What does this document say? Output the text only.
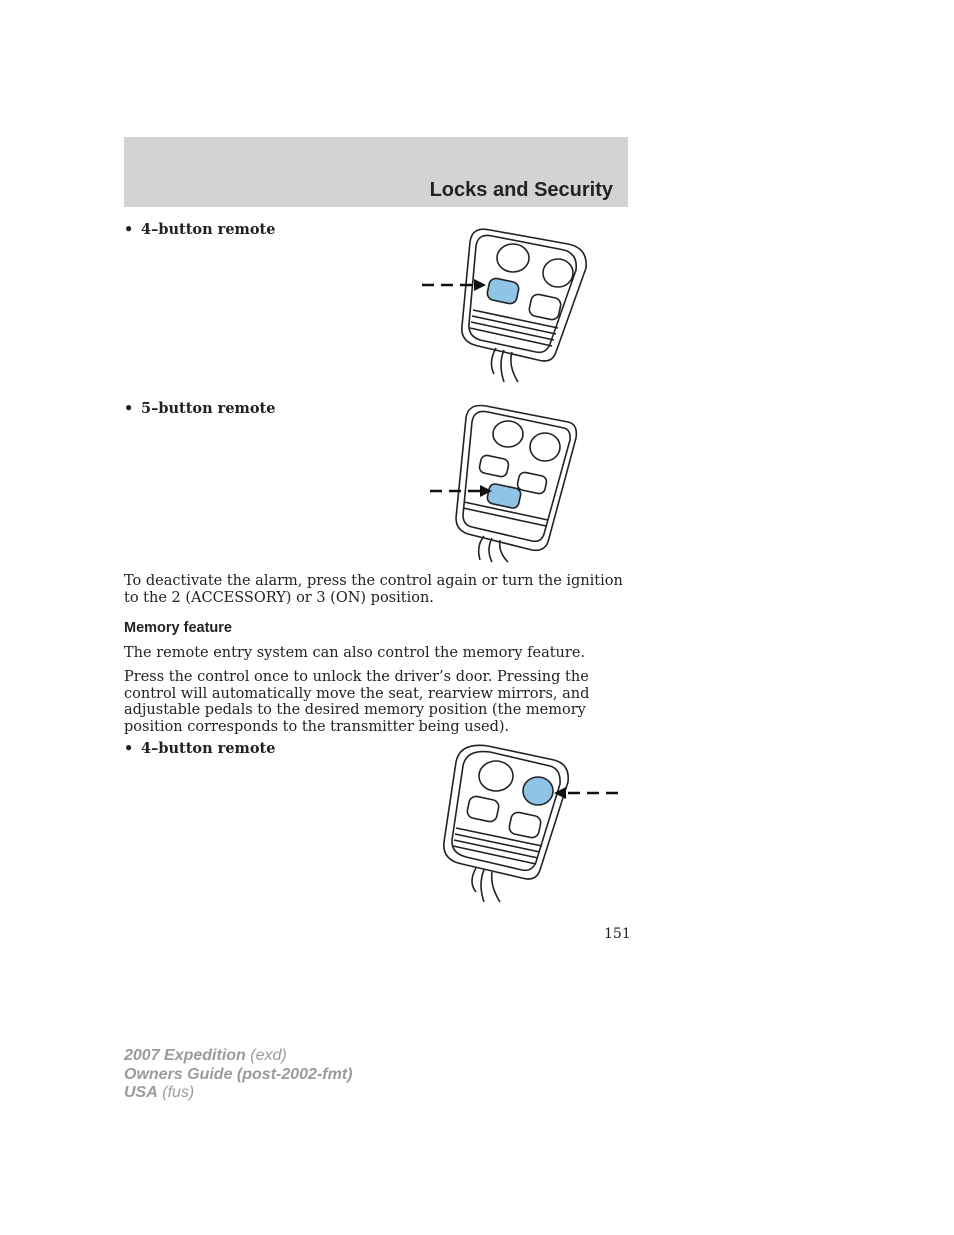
Locks and Security
• 4–button remote
• 5–button remote

To deactivate the alarm, press the control again or turn the ignition to the 2 (ACCESSORY) or 3 (ON) position.

Memory feature

The remote entry system can also control the memory feature.

Press the control once to unlock the driver’s door. Pressing the control will automatically move the seat, rearview mirrors, and adjustable pedals to the desired memory position (the memory position corresponds to the transmitter being used).

• 4–button remote
151
2007 Expedition (exd)
Owners Guide (post-2002-fmt)
USA (fus)
